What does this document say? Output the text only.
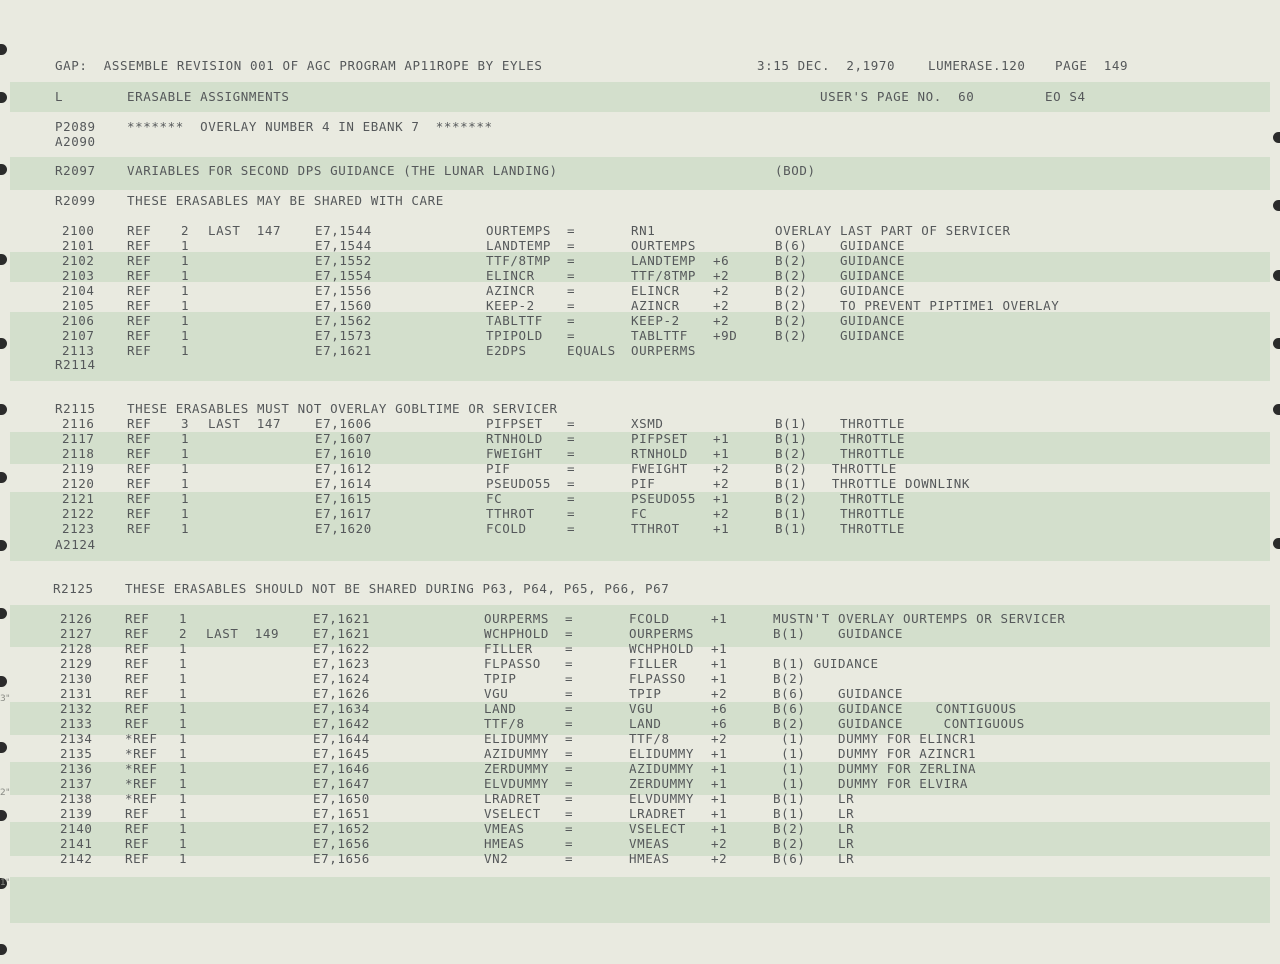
3"
2"
1"

GAP:  ASSEMBLE REVISION 001 OF AGC PROGRAM AP11ROPE BY EYLES

	3:15 DEC.  2,1970

	LUMERASE.120

PAGE  149

L

	ERASABLE ASSIGNMENTS

	USER'S PAGE NO.  60

	EO S4

P2089

	*******  OVERLAY NUMBER 4 IN EBANK 7  *******

A2090

R2097

	VARIABLES FOR SECOND DPS GUIDANCE (THE LUNAR LANDING)

	(BOD)

R2099

	THESE ERASABLES MAY BE SHARED WITH CARE

2100	REF 2 LAST  147	E7,1544	OURTEMPS =	RN1	OVERLAY LAST PART OF SERVICER
2101	REF 1	E7,1544	LANDTEMP =	OURTEMPS	B(6)    GUIDANCE
2102	REF 1	E7,1552	TTF/8TMP =	LANDTEMP +6	B(2)    GUIDANCE
2103	REF 1	E7,1554	ELINCR	=	TTF/8TMP +2	B(2)    GUIDANCE
2104	REF 1	E7,1556	AZINCR	=	ELINCR	+2	B(2)    GUIDANCE
2105	REF 1	E7,1560	KEEP-2	=	AZINCR	+2	B(2)    TO PREVENT PIPTIME1 OVERLAY
2106	REF 1	E7,1562	TABLTTF =	KEEP-2	+2	B(2)    GUIDANCE
2107	REF 1	E7,1573	TPIPOLD =	TABLTTF +9D	B(2)    GUIDANCE
2113	REF 1	E7,1621	E2DPS	EQUALS OURPERMS

R2114

R2115

	THESE ERASABLES MUST NOT OVERLAY GOBLTIME OR SERVICER

2116	REF 3 LAST  147	E7,1606	PIFPSET =	XSMD	B(1)    THROTTLE
2117	REF 1	E7,1607	RTNHOLD =	PIFPSET +1	B(1)    THROTTLE
2118	REF 1	E7,1610	FWEIGHT =	RTNHOLD +1	B(2)    THROTTLE
2119	REF 1	E7,1612	PIF	=	FWEIGHT +2	B(2)   THROTTLE
2120	REF 1	E7,1614	PSEUDO55 =	PIF	+2	B(1)   THROTTLE DOWNLINK
2121	REF 1	E7,1615	FC	=	PSEUDO55 +1	B(2)    THROTTLE
2122	REF 1	E7,1617	TTHROT	=	FC	+2	B(1)    THROTTLE
2123	REF 1	E7,1620	FCOLD	=	TTHROT	+1	B(1)    THROTTLE

A2124

R2125

	THESE ERASABLES SHOULD NOT BE SHARED DURING P63, P64, P65, P66, P67

2126	REF 1	E7,1621	OURPERMS =	FCOLD	+1	MUSTN'T OVERLAY OURTEMPS OR SERVICER
2127	REF 2 LAST  149	E7,1621	WCHPHOLD =	OURPERMS	B(1)    GUIDANCE
2128	REF 1	E7,1622	FILLER	=	WCHPHOLD +1
2129	REF 1	E7,1623	FLPASSO =	FILLER	+1	B(1) GUIDANCE
2130	REF 1	E7,1624	TPIP	=	FLPASSO +1	B(2)
2131	REF 1	E7,1626	VGU	=	TPIP	+2	B(6)    GUIDANCE
2132	REF 1	E7,1634	LAND	=	VGU	+6	B(6)    GUIDANCE    CONTIGUOUS
2133	REF 1	E7,1642	TTF/8	=	LAND	+6	B(2)    GUIDANCE     CONTIGUOUS
2134	*REF 1	E7,1644	ELIDUMMY =	TTF/8	+2	(1)    DUMMY FOR ELINCR1
2135	*REF 1	E7,1645	AZIDUMMY =	ELIDUMMY +1	(1)    DUMMY FOR AZINCR1
2136	*REF 1	E7,1646	ZERDUMMY =	AZIDUMMY +1	(1)    DUMMY FOR ZERLINA
2137	*REF 1	E7,1647	ELVDUMMY =	ZERDUMMY +1	(1)    DUMMY FOR ELVIRA
2138	*REF 1	E7,1650	LRADRET =	ELVDUMMY +1	B(1)    LR
2139	REF 1	E7,1651	VSELECT =	LRADRET +1	B(1)    LR
2140	REF 1	E7,1652	VMEAS	=	VSELECT +1	B(2)    LR
2141	REF 1	E7,1656	HMEAS	=	VMEAS	+2	B(2)    LR
2142	REF 1	E7,1656	VN2	=	HMEAS	+2	B(6)    LR
